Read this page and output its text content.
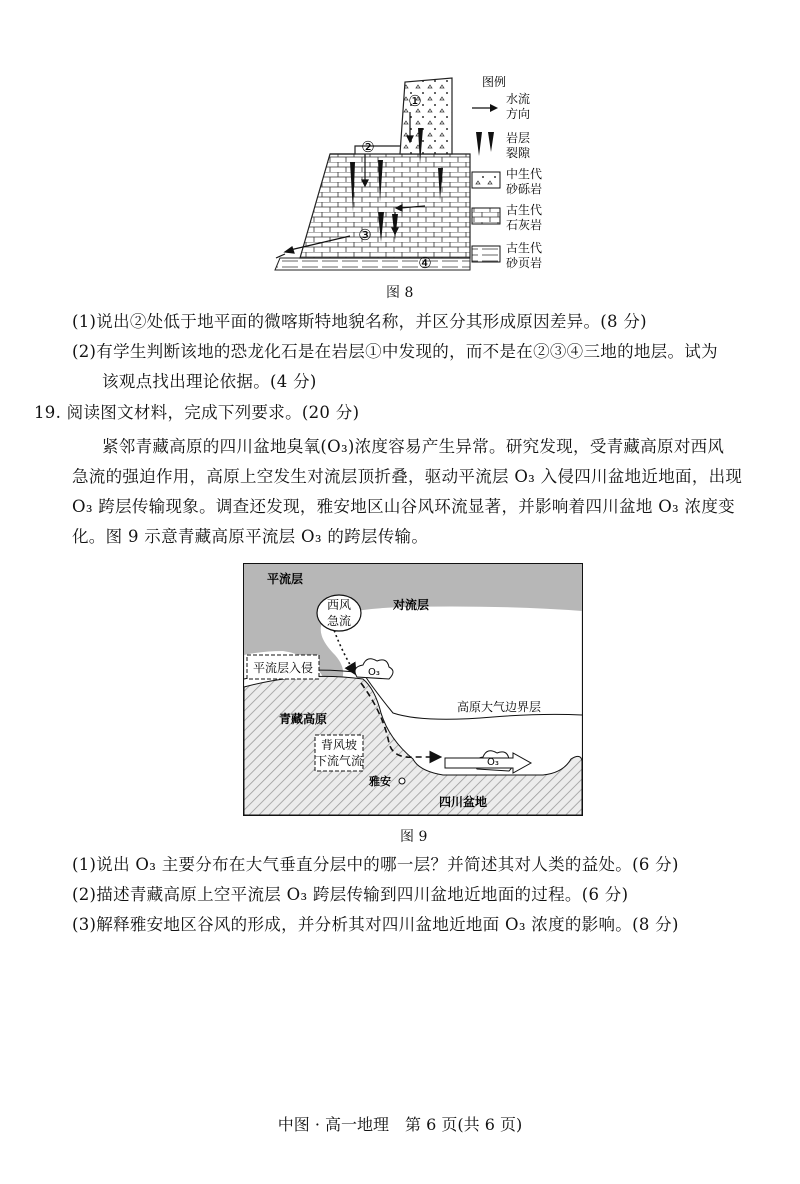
①
②
③
④
图例
水流
方向
岩层
裂隙
中生代
砂砾岩
古生代
石灰岩
古生代
砂页岩
图 8
(1)说出②处低于地平面的微喀斯特地貌名称，并区分其形成原因差异。(8 分)
(2)有学生判断该地的恐龙化石是在岩层①中发现的，而不是在②③④三地的地层。试为
该观点找出理论依据。(4 分)
19. 阅读图文材料，完成下列要求。(20 分)
紧邻青藏高原的四川盆地臭氧(O₃)浓度容易产生异常。研究发现，受青藏高原对西风
急流的强迫作用，高原上空发生对流层顶折叠，驱动平流层 O₃ 入侵四川盆地近地面，出现
O₃ 跨层传输现象。调查还发现，雅安地区山谷风环流显著，并影响着四川盆地 O₃ 浓度变
化。图 9 示意青藏高原平流层 O₃ 的跨层传输。
平流层
西风
急流
对流层
平流层入侵	O₃
青藏高原
高原大气边界层
背风坡
下流气流	O₃
雅安
四川盆地
图 9
(1)说出 O₃ 主要分布在大气垂直分层中的哪一层？并简述其对人类的益处。(6 分)
(2)描述青藏高原上空平流层 O₃ 跨层传输到四川盆地近地面的过程。(6 分)
(3)解释雅安地区谷风的形成，并分析其对四川盆地近地面 O₃ 浓度的影响。(8 分)
中图 · 高一地理　第 6 页(共 6 页)
